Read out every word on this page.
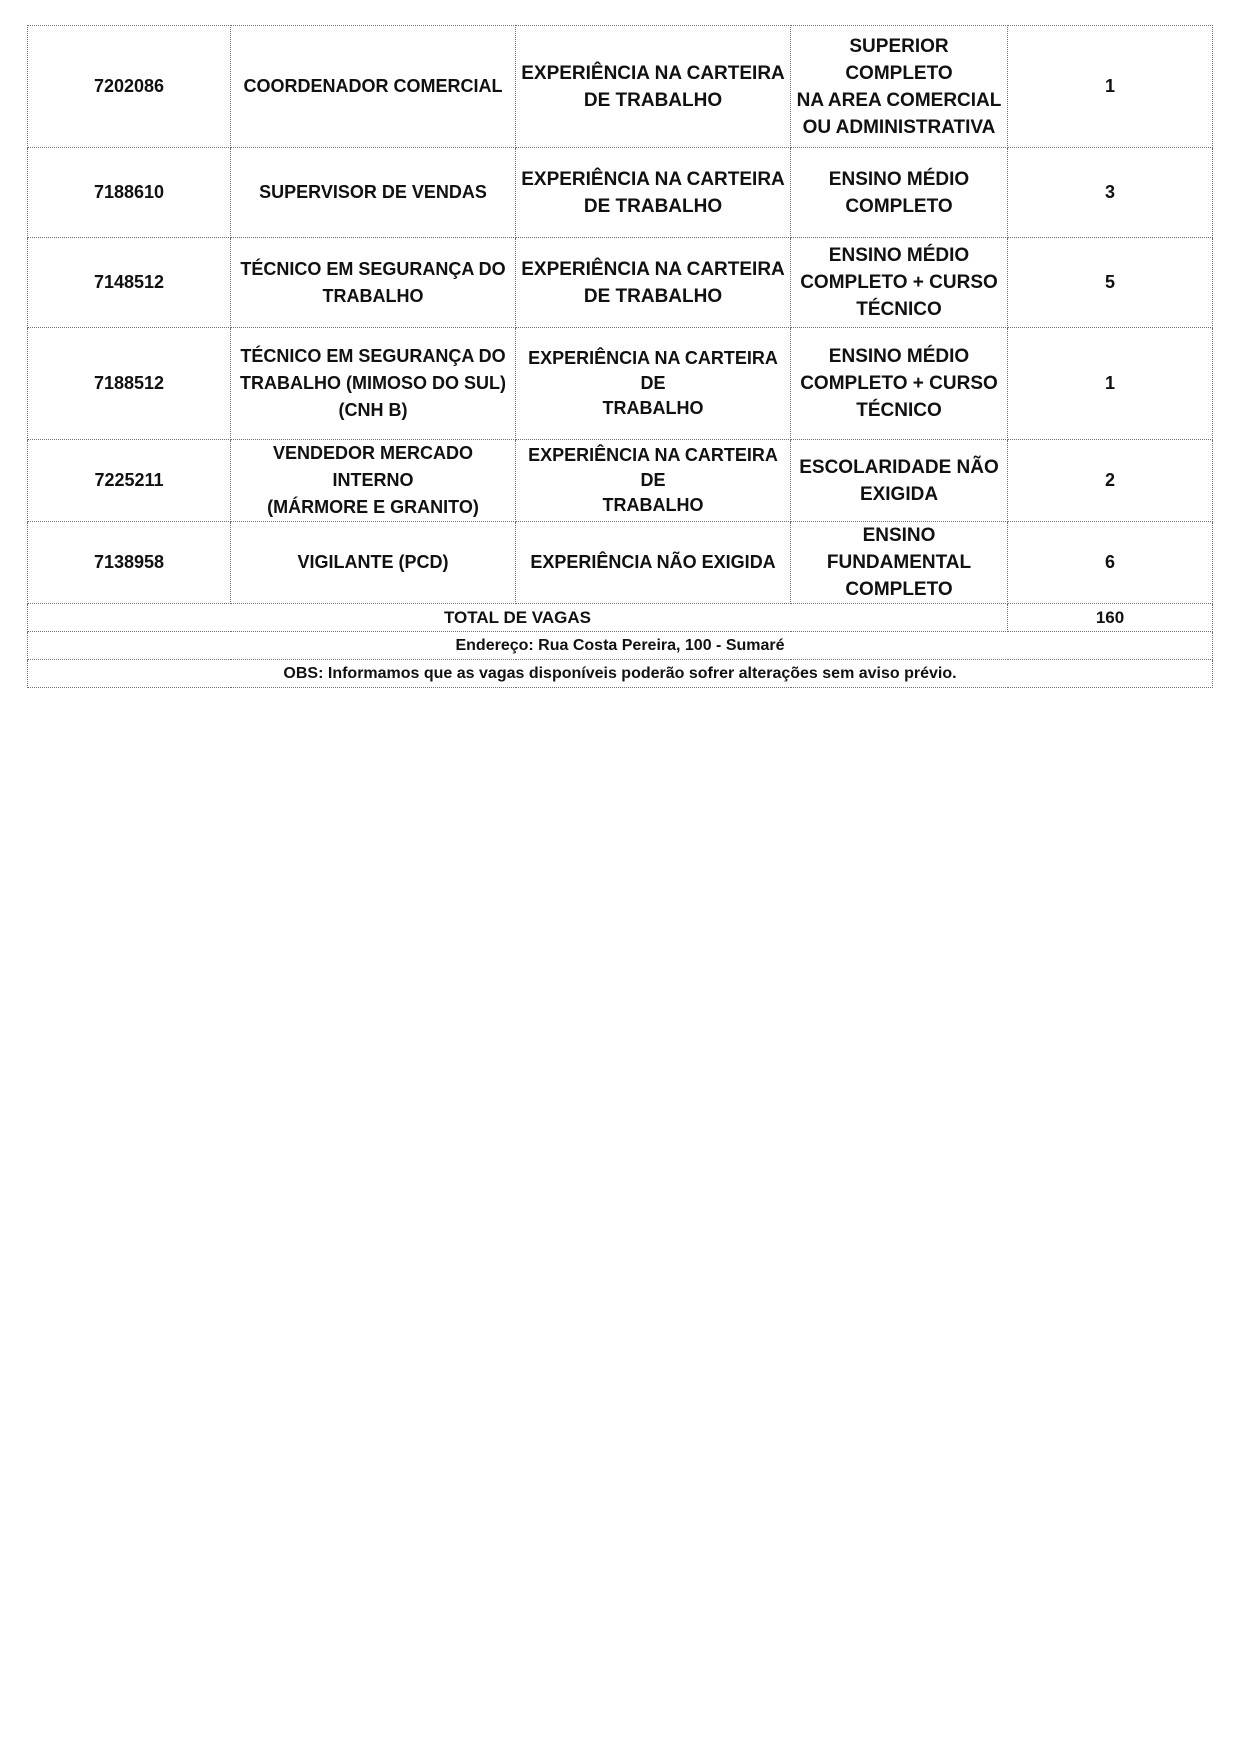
7202086	COORDENADOR COMERCIAL	EXPERIÊNCIA NA CARTEIRA
DE TRABALHO	SUPERIOR COMPLETO
NA AREA COMERCIAL
OU ADMINISTRATIVA	1
7188610	SUPERVISOR DE VENDAS	EXPERIÊNCIA NA CARTEIRA
DE TRABALHO	ENSINO MÉDIO
COMPLETO	3
7148512	TÉCNICO EM SEGURANÇA DO
TRABALHO	EXPERIÊNCIA NA CARTEIRA
DE TRABALHO	ENSINO MÉDIO
COMPLETO + CURSO
TÉCNICO	5
7188512	TÉCNICO EM SEGURANÇA DO
TRABALHO (MIMOSO DO SUL)
(CNH B)	EXPERIÊNCIA NA CARTEIRA DE
TRABALHO	ENSINO MÉDIO
COMPLETO + CURSO
TÉCNICO	1
7225211	VENDEDOR MERCADO INTERNO
(MÁRMORE E GRANITO)	EXPERIÊNCIA NA CARTEIRA DE
TRABALHO	ESCOLARIDADE NÃO
EXIGIDA	2
7138958	VIGILANTE (PCD)	EXPERIÊNCIA NÃO EXIGIDA	ENSINO
FUNDAMENTAL
COMPLETO	6
TOTAL DE VAGAS				160
Endereço: Rua Costa Pereira, 100 - Sumaré				
OBS: Informamos que as vagas disponíveis poderão sofrer alterações sem aviso prévio.				
